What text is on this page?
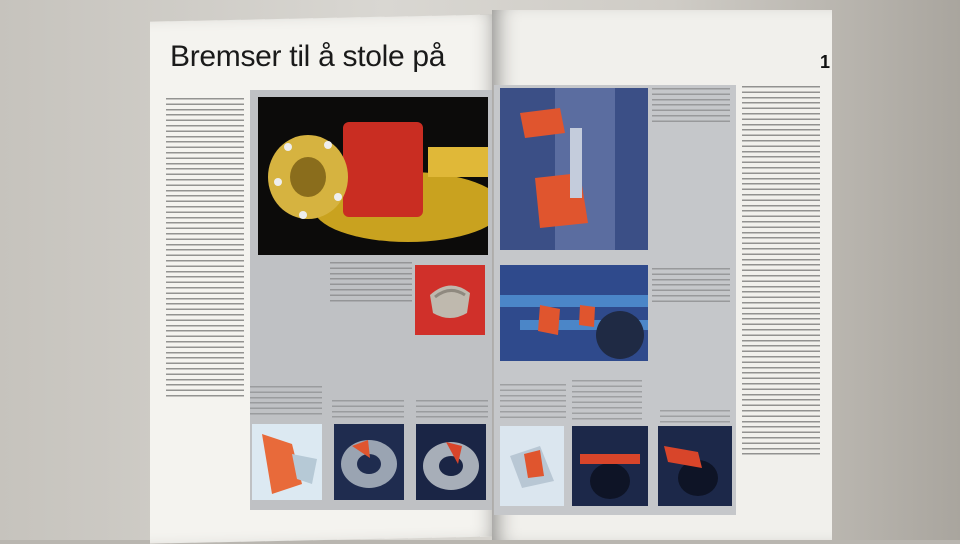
Bremser til å stole på	1
